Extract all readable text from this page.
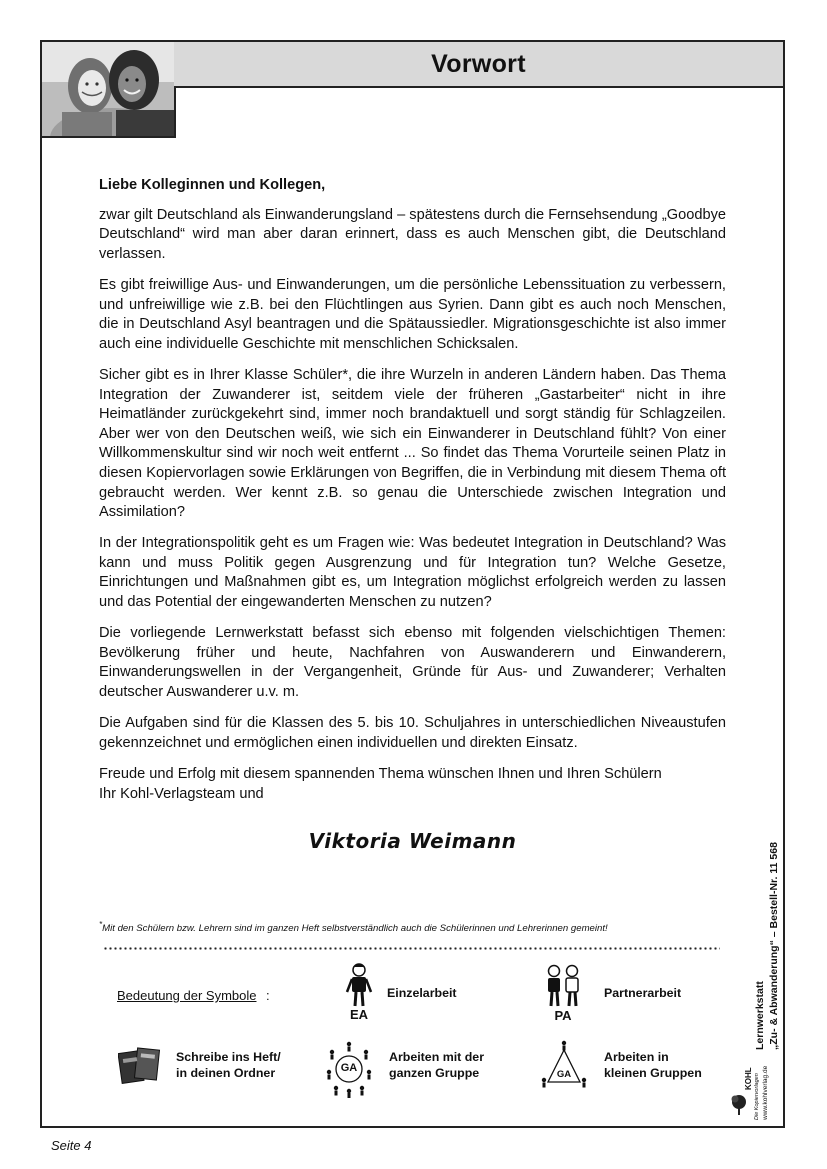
Vorwort

Liebe Kolleginnen und Kollegen,

zwar gilt Deutschland als Einwanderungsland – spätestens durch die Fernsehsendung „Goodbye Deutschland“ wird man aber daran erinnert, dass es auch Menschen gibt, die Deutschland verlassen.

Es gibt freiwillige Aus- und Einwanderungen, um die persönliche Lebenssituation zu verbessern, und unfreiwillige wie z.B. bei den Flüchtlingen aus Syrien. Dann gibt es auch noch Menschen, die in Deutschland Asyl beantragen und die Spätaussiedler. Migrationsgeschichte ist also immer auch eine individuelle Geschichte mit menschlichen Schicksalen.

Sicher gibt es in Ihrer Klasse Schüler*, die ihre Wurzeln in anderen Ländern haben. Das Thema Integration der Zuwanderer ist, seitdem viele der früheren „Gastarbeiter“ nicht in ihre Heimatländer zurückgekehrt sind, immer noch brandaktuell und sorgt ständig für Schlagzeilen. Aber wer von den Deutschen weiß, wie sich ein Einwanderer in Deutschland fühlt? Von einer Willkommenskultur sind wir noch weit entfernt ... So findet das Thema Vorurteile seinen Platz in diesen Kopiervorlagen sowie Erklärungen von Begriffen, die in Verbindung mit diesem Thema oft gebraucht werden. Wer kennt z.B. so genau die Unterschiede zwischen Integration und Assimilation?

In der Integrationspolitik geht es um Fragen wie: Was bedeutet Integration in Deutschland? Was kann und muss Politik gegen Ausgrenzung und für Integration tun? Welche Gesetze, Einrichtungen und Maßnahmen gibt es, um Integration möglichst erfolgreich werden zu lassen und das Potential der eingewanderten Menschen zu nutzen?

Die vorliegende Lernwerkstatt befasst sich ebenso mit folgenden vielschichtigen Themen: Bevölkerung früher und heute, Nachfahren von Auswanderern und Einwanderern, Einwanderungswellen in der Vergangenheit, Gründe für Aus- und Zuwanderer; Verhalten deutscher Auswanderer u.v. m.

Die Aufgaben sind für die Klassen des 5. bis 10. Schuljahres in unterschiedlichen Niveaustufen gekennzeichnet und ermöglichen einen individuellen und direkten Einsatz.

Freude und Erfolg mit diesem spannenden Thema wünschen Ihnen und Ihren Schülern
Ihr Kohl-Verlagsteam und

Viktoria Weimann
*Mit den Schülern bzw. Lehrern sind im ganzen Heft selbstverständlich auch die Schülerinnen und Lehrerinnen gemeint!
Bedeutung der Symbole :
EA
Einzelarbeit
PA
Partnerarbeit
Schreibe ins Heft/
in deinen Ordner	GA
Arbeiten mit der
ganzen Gruppe	GA
Arbeiten in
kleinen Gruppen
Lernwerkstatt „Zu- & Abwanderung“ – Bestell-Nr. 11 568
KOHL Die Kopiervorlagen www.kohlverlag.de
Seite 4
